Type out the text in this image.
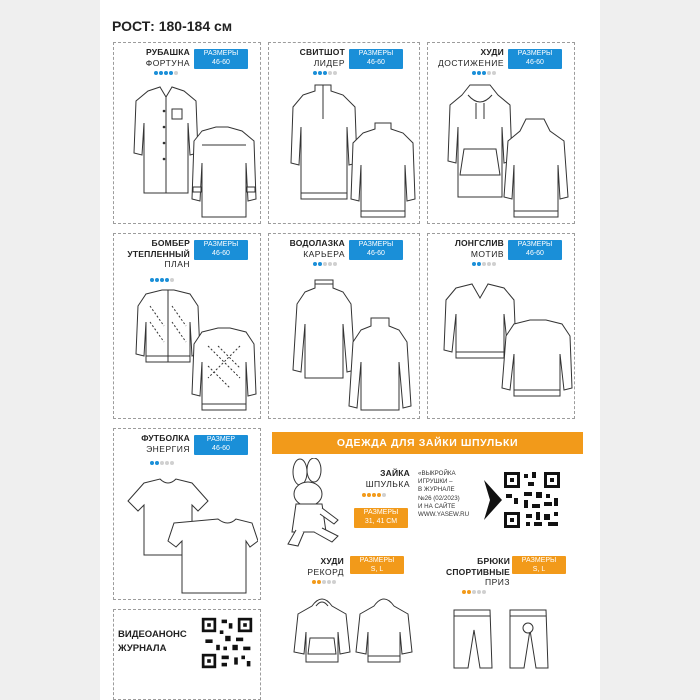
РОСТ: 180-184 см
РУБАШКА
ФОРТУНА
РАЗМЕРЫ
46-60
СВИТШОТ
ЛИДЕР
РАЗМЕРЫ
46-60
ХУДИ
ДОСТИЖЕНИЕ
РАЗМЕРЫ
46-60
БОМБЕР
УТЕПЛЕННЫЙ
ПЛАН
РАЗМЕРЫ
46-60
ВОДОЛАЗКА
КАРЬЕРА
РАЗМЕРЫ
46-60
ЛОНГСЛИВ
МОТИВ
РАЗМЕРЫ
46-60
ФУТБОЛКА
ЭНЕРГИЯ
РАЗМЕР
46-60	ОДЕЖДА ДЛЯ ЗАЙКИ ШПУЛЬКИ
ЗАЙКА
ШПУЛЬКА
РАЗМЕРЫ
31, 41 СМ
«ВЫКРОЙКА
ИГРУШКИ –
В ЖУРНАЛЕ
№26 (02/2023)
И НА САЙТЕ
WWW.YASEW.RU
ХУДИ
РЕКОРД
РАЗМЕРЫ
S, L
БРЮКИ
СПОРТИВНЫЕ
ПРИЗ
РАЗМЕРЫ
S, L
ВИДЕОАНОНС
ЖУРНАЛА
